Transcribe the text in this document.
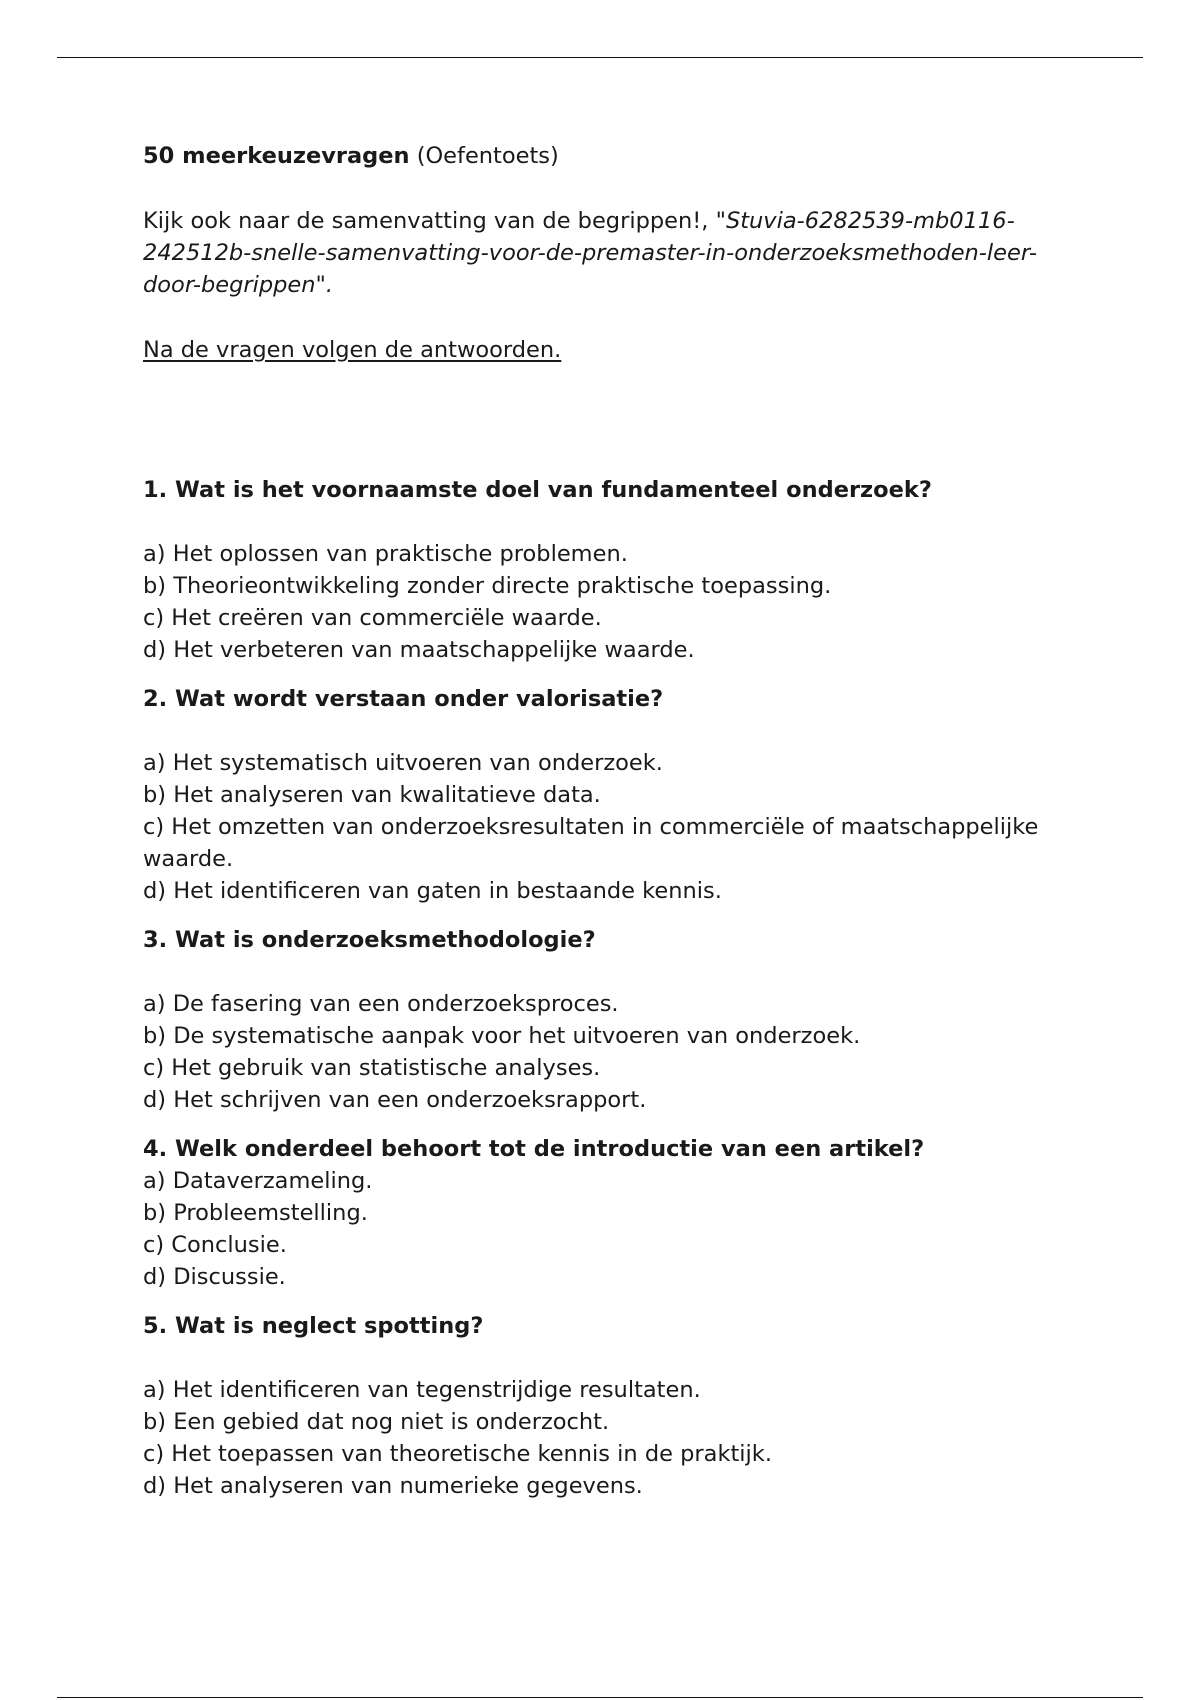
50 meerkeuzevragen (Oefentoets)

Kijk ook naar de samenvatting van de begrippen!, "Stuvia-6282539-mb0116-242512b-snelle-samenvatting-voor-de-premaster-in-onderzoeksmethoden-leer-door-begrippen".

Na de vragen volgen de antwoorden.

1. Wat is het voornaamste doel van fundamenteel onderzoek?

a) Het oplossen van praktische problemen.
b) Theorieontwikkeling zonder directe praktische toepassing.
c) Het creëren van commerciële waarde.
d) Het verbeteren van maatschappelijke waarde.

2. Wat wordt verstaan onder valorisatie?

a) Het systematisch uitvoeren van onderzoek.
b) Het analyseren van kwalitatieve data.
c) Het omzetten van onderzoeksresultaten in commerciële of maatschappelijke waarde.
d) Het identificeren van gaten in bestaande kennis.

3. Wat is onderzoeksmethodologie?

a) De fasering van een onderzoeksproces.
b) De systematische aanpak voor het uitvoeren van onderzoek.
c) Het gebruik van statistische analyses.
d) Het schrijven van een onderzoeksrapport.

4. Welk onderdeel behoort tot de introductie van een artikel?

a) Dataverzameling.
b) Probleemstelling.
c) Conclusie.
d) Discussie.

5. Wat is neglect spotting?

a) Het identificeren van tegenstrijdige resultaten.
b) Een gebied dat nog niet is onderzocht.
c) Het toepassen van theoretische kennis in de praktijk.
d) Het analyseren van numerieke gegevens.
